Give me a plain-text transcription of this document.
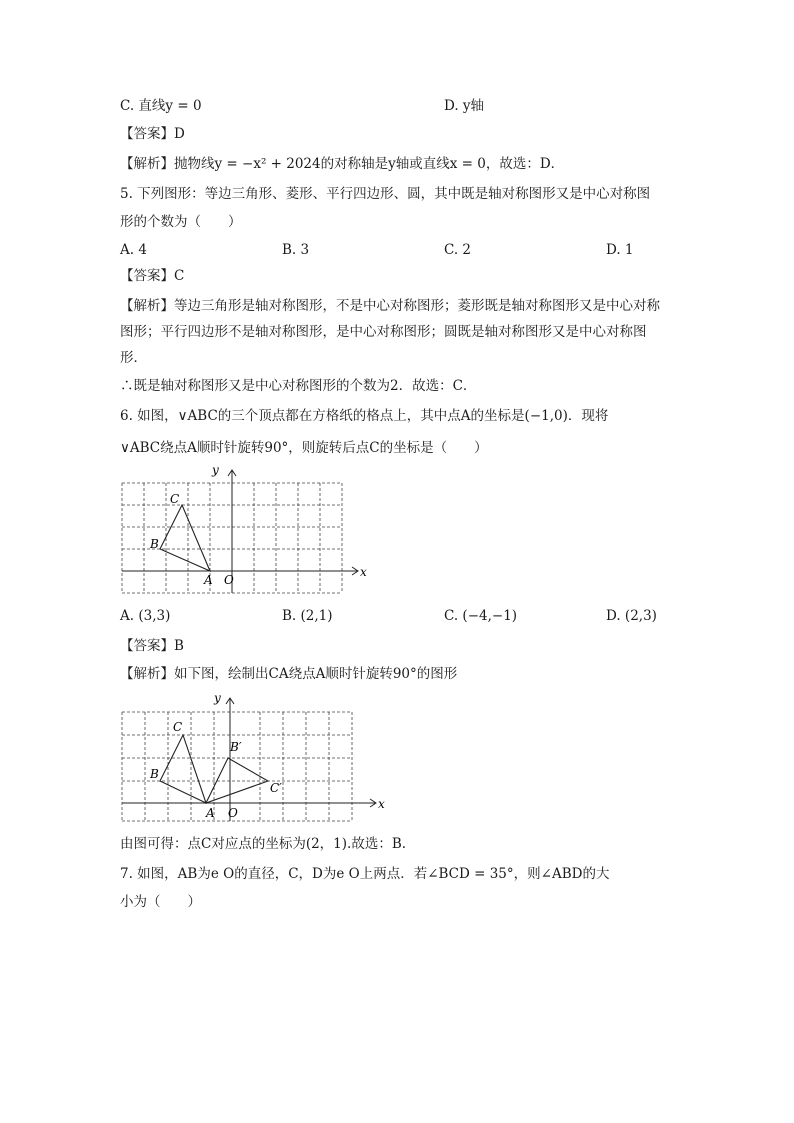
C. 直线y = 0	D. y轴
【答案】D
【解析】抛物线y = −x² + 2024的对称轴是y轴或直线x = 0，故选：D．
5. 下列图形：等边三角形、菱形、平行四边形、圆，其中既是轴对称图形又是中心对称图
形的个数为（　　）
A. 4	B. 3	C. 2	D. 1
【答案】C
【解析】等边三角形是轴对称图形，不是中心对称图形；菱形既是轴对称图形又是中心对称
图形；平行四边形不是轴对称图形，是中心对称图形；圆既是轴对称图形又是中心对称图
形．
∴既是轴对称图形又是中心对称图形的个数为2．故选：C．
6. 如图，∨ABC的三个顶点都在方格纸的格点上，其中点A的坐标是(−1,0)．现将
∨ABC绕点A顺时针旋转90°，则旋转后点C的坐标是（　　）
x
y
C
B
A O
A. (3,3)	B. (2,1)	C. (−4,−1)	D. (2,3)
【答案】B
【解析】如下图，绘制出CA绕点A顺时针旋转90°的图形
x
y
C
B
A O
B′
C′
由图可得：点C对应点的坐标为(2，1).故选：B.
7. 如图，AB为e O的直径，C，D为e O上两点．若∠BCD = 35°，则∠ABD的大
小为（　　）
